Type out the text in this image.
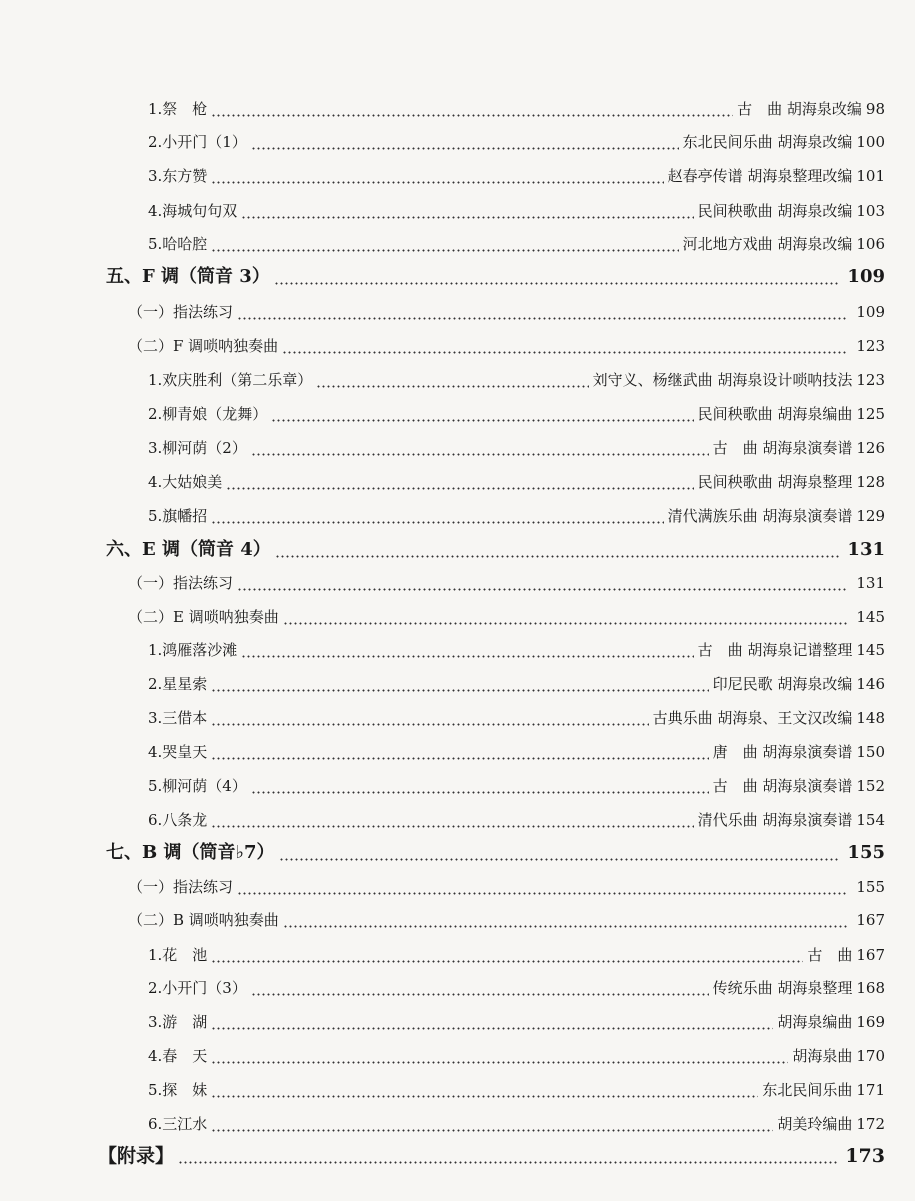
1.祭　枪	古　曲 胡海泉改编 98
2.小开门（1）	东北民间乐曲 胡海泉改编 100
3.东方赞	赵春亭传谱 胡海泉整理改编 101
4.海城句句双	民间秧歌曲 胡海泉改编 103
5.哈哈腔	河北地方戏曲 胡海泉改编 106
五、F 调（筒音 3）	109
（一）指法练习	109
（二）F 调唢呐独奏曲	123
1.欢庆胜利（第二乐章）	刘守义、杨继武曲 胡海泉设计唢呐技法 123
2.柳青娘（龙舞）	民间秧歌曲 胡海泉编曲 125
3.柳河荫（2）	古　曲 胡海泉演奏谱 126
4.大姑娘美	民间秧歌曲 胡海泉整理 128
5.旗幡招	清代满族乐曲 胡海泉演奏谱 129
六、E 调（筒音 4）	131
（一）指法练习	131
（二）E 调唢呐独奏曲	145
1.鸿雁落沙滩	古　曲 胡海泉记谱整理 145
2.星星索	印尼民歌 胡海泉改编 146
3.三借本	古典乐曲 胡海泉、王文汉改编 148
4.哭皇天	唐　曲 胡海泉演奏谱 150
5.柳河荫（4）	古　曲 胡海泉演奏谱 152
6.八条龙	清代乐曲 胡海泉演奏谱 154
七、B 调（筒音♭7）	155
（一）指法练习	155
（二）B 调唢呐独奏曲	167
1.花　池	古　曲 167
2.小开门（3）	传统乐曲 胡海泉整理 168
3.游　湖	胡海泉编曲 169
4.春　天	胡海泉曲 170
5.探　妹	东北民间乐曲 171
6.三江水	胡美玲编曲 172
【附录】	173
